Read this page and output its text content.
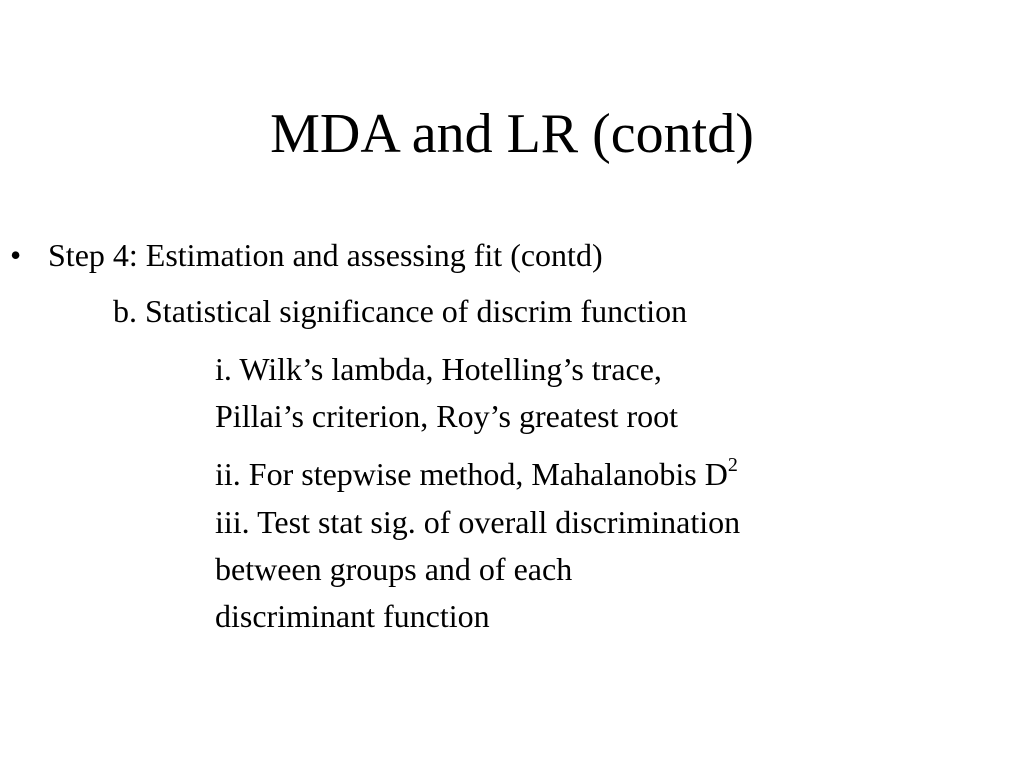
MDA and LR (contd)
• Step 4: Estimation and assessing fit (contd)
b. Statistical significance of discrim function
i. Wilk’s lambda, Hotelling’s trace,
Pillai’s criterion, Roy’s greatest root
ii. For stepwise method, Mahalanobis $D^2$
iii. Test stat sig. of overall discrimination
between groups and of each
discriminant function
